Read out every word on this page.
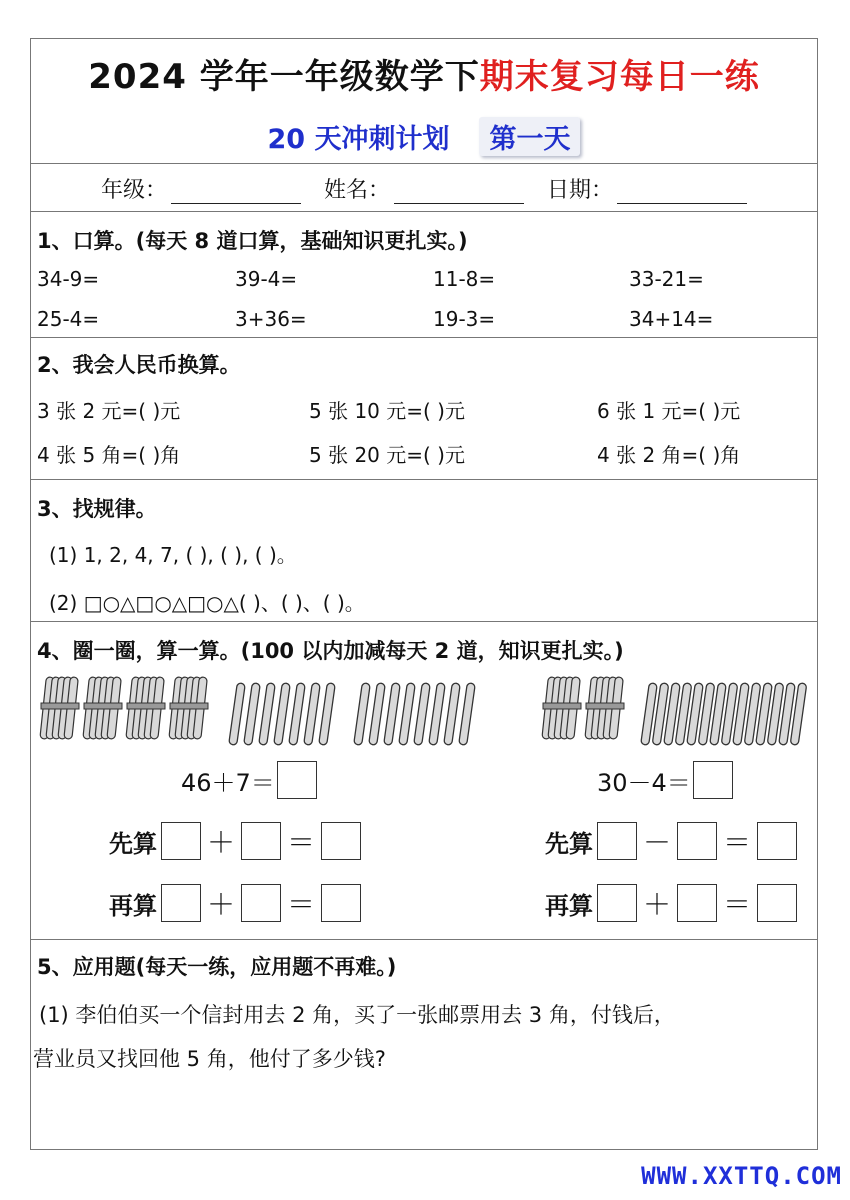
2024 学年一年级数学下期末复习每日一练
20 天冲刺计划 第一天
年级：	姓名：	日期：
1、口算。(每天 8 道口算，基础知识更扎实。)
34-9=	39-4=	11-8=	33-21=
25-4=	3+36=	19-3=	34+14=
2、我会人民币换算。
3 张 2 元=( )元	5 张 10 元=( )元	6 张 1 元=( )元
4 张 5 角=( )角	5 张 20 元=( )元	4 张 2 角=( )角
3、找规律。
(1) 1, 2, 4, 7, ( ), ( ), ( )。
(2) □○△□○△□○△( )、( )、( )。
4、圈一圈，算一算。(100 以内加减每天 2 道，知识更扎实。)
46＋7＝
先算 ＋ ＝
再算 ＋ ＝
30－4＝
先算 － ＝
再算 ＋ ＝
5、应用题(每天一练，应用题不再难。)
(1) 李伯伯买一个信封用去 2 角，买了一张邮票用去 3 角，付钱后，
营业员又找回他 5 角，他付了多少钱?
WWW.XXTTQ.COM
